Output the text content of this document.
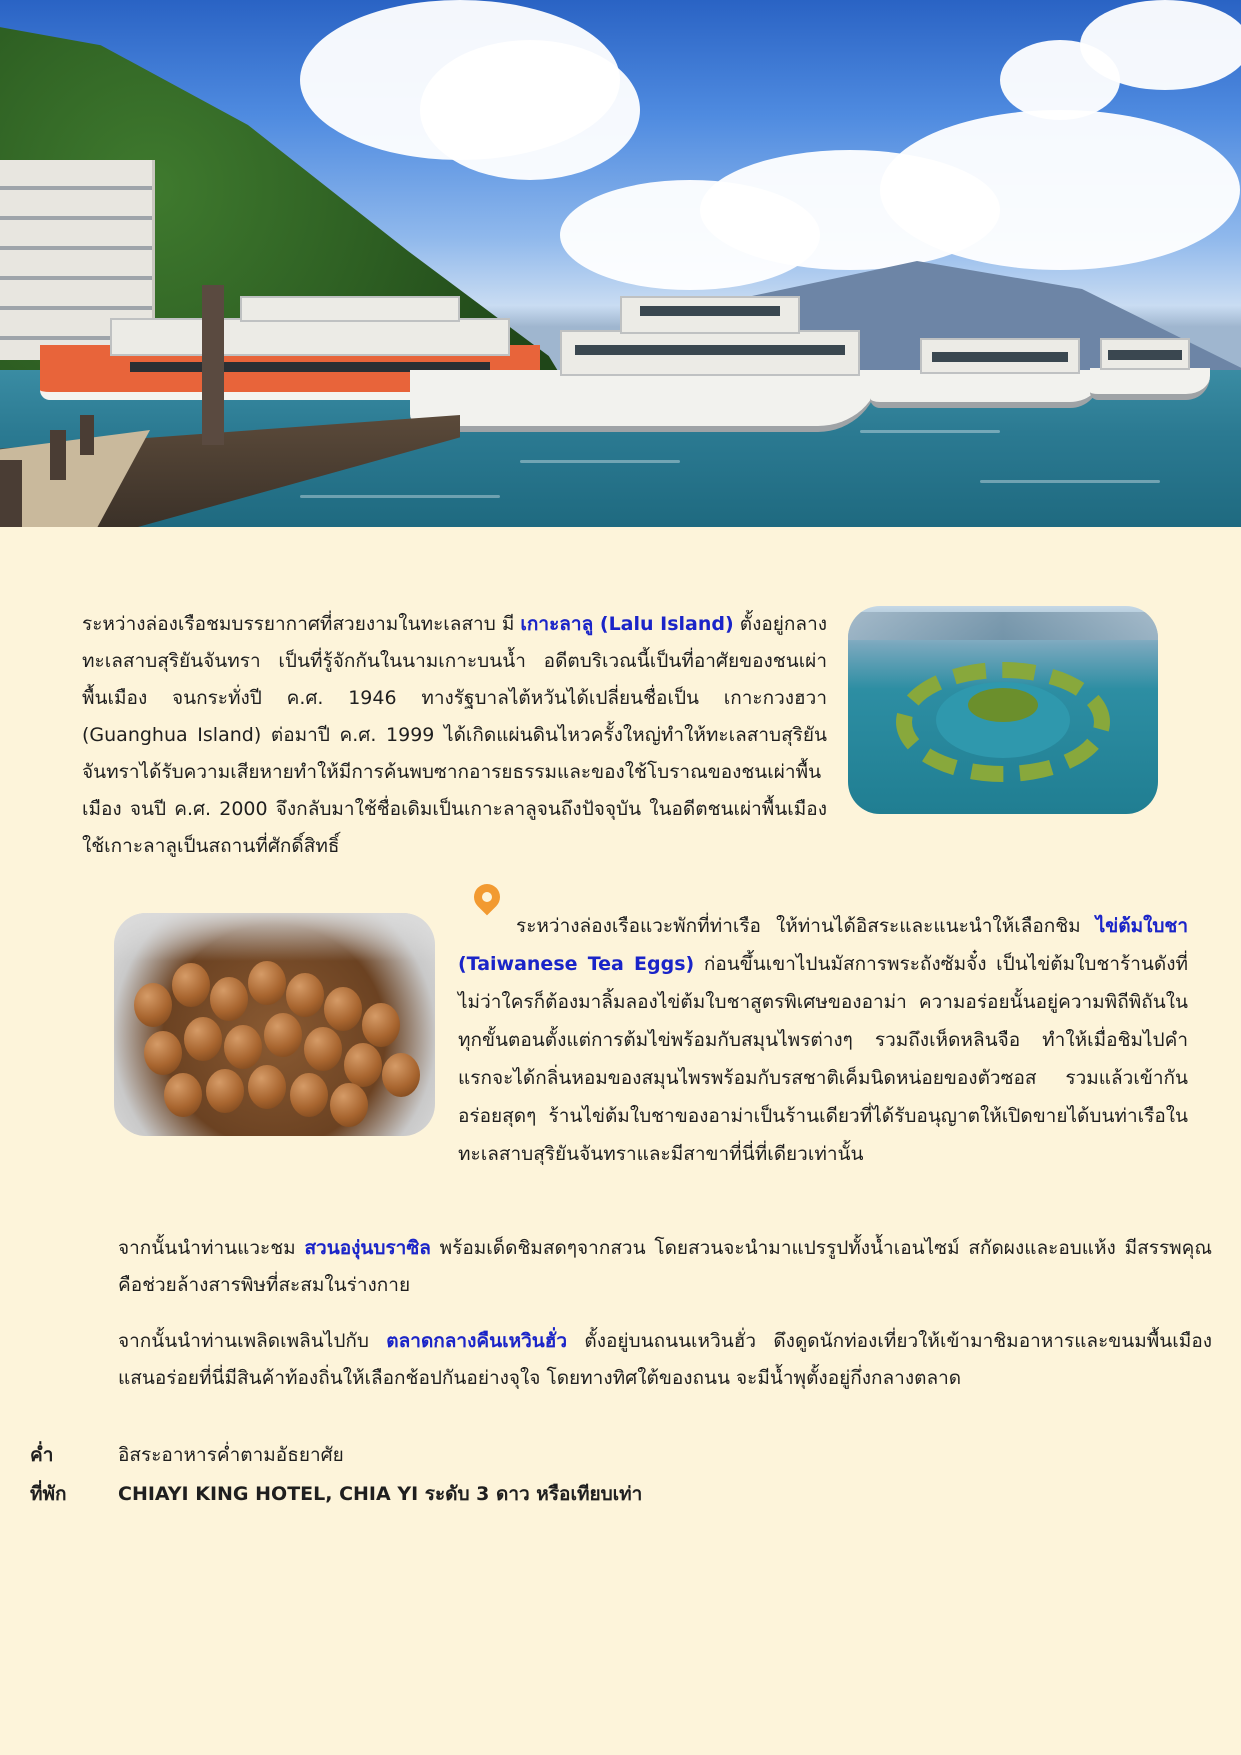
ระหว่างล่องเรือชมบรรยากาศที่สวยงามในทะเลสาบ มี เกาะลาลู (Lalu Island) ตั้งอยู่กลางทะเลสาบสุริยันจันทรา เป็นที่รู้จักกันในนามเกาะบนน้ำ อดีตบริเวณนี้เป็นที่อาศัยของชนเผ่าพื้นเมือง จนกระทั่งปี ค.ศ. 1946 ทางรัฐบาลไต้หวันได้เปลี่ยนชื่อเป็น เกาะกวงฮวา (Guanghua Island) ต่อมาปี ค.ศ. 1999 ได้เกิดแผ่นดินไหวครั้งใหญ่ทำให้ทะเลสาบสุริยันจันทราได้รับความเสียหายทำให้มีการค้นพบซากอารยธรรมและของใช้โบราณของชนเผ่าพื้นเมือง จนปี ค.ศ. 2000 จึงกลับมาใช้ชื่อเดิมเป็นเกาะลาลูจนถึงปัจจุบัน ในอดีตชนเผ่าพื้นเมืองใช้เกาะลาลูเป็นสถานที่ศักดิ์สิทธิ์

ระหว่างล่องเรือแวะพักที่ท่าเรือ ให้ท่านได้อิสระและแนะนำให้เลือกชิม ไข่ต้มใบชา (Taiwanese Tea Eggs) ก่อนขึ้นเขาไปนมัสการพระถังซัมจั๋ง เป็นไข่ต้มใบชาร้านดังที่ไม่ว่าใครก็ต้องมาลิ้มลองไข่ต้มใบชาสูตรพิเศษของอาม่า ความอร่อยนั้นอยู่ความพิถีพิถันในทุกขั้นตอนตั้งแต่การต้มไข่พร้อมกับสมุนไพรต่างๆ รวมถึงเห็ดหลินจือ ทำให้เมื่อชิมไปคำแรกจะได้กลิ่นหอมของสมุนไพรพร้อมกับรสชาติเค็มนิดหน่อยของตัวซอส รวมแล้วเข้ากันอร่อยสุดๆ ร้านไข่ต้มใบชาของอาม่าเป็นร้านเดียวที่ได้รับอนุญาตให้เปิดขายได้บนท่าเรือในทะเลสาบสุริยันจันทราและมีสาขาที่นี่ที่เดียวเท่านั้น

จากนั้นนำท่านแวะชม สวนองุ่นบราซิล พร้อมเด็ดชิมสดๆจากสวน โดยสวนจะนำมาแปรรูปทั้งน้ำเอนไซม์ สกัดผงและอบแห้ง มีสรรพคุณคือช่วยล้างสารพิษที่สะสมในร่างกาย

จากนั้นนำท่านเพลิดเพลินไปกับ ตลาดกลางคืนเหวินฮั่ว ตั้งอยู่บนถนนเหวินฮั่ว ดึงดูดนักท่องเที่ยวให้เข้ามาชิมอาหารและขนมพื้นเมืองแสนอร่อยที่นี่มีสินค้าท้องถิ่นให้เลือกช้อปกันอย่างจุใจ โดยทางทิศใต้ของถนน จะมีน้ำพุตั้งอยู่กึ่งกลางตลาด

ค่ำ	อิสระอาหารค่ำตามอัธยาศัย
ที่พัก	CHIAYI KING HOTEL, CHIA YI ระดับ 3 ดาว หรือเทียบเท่า
